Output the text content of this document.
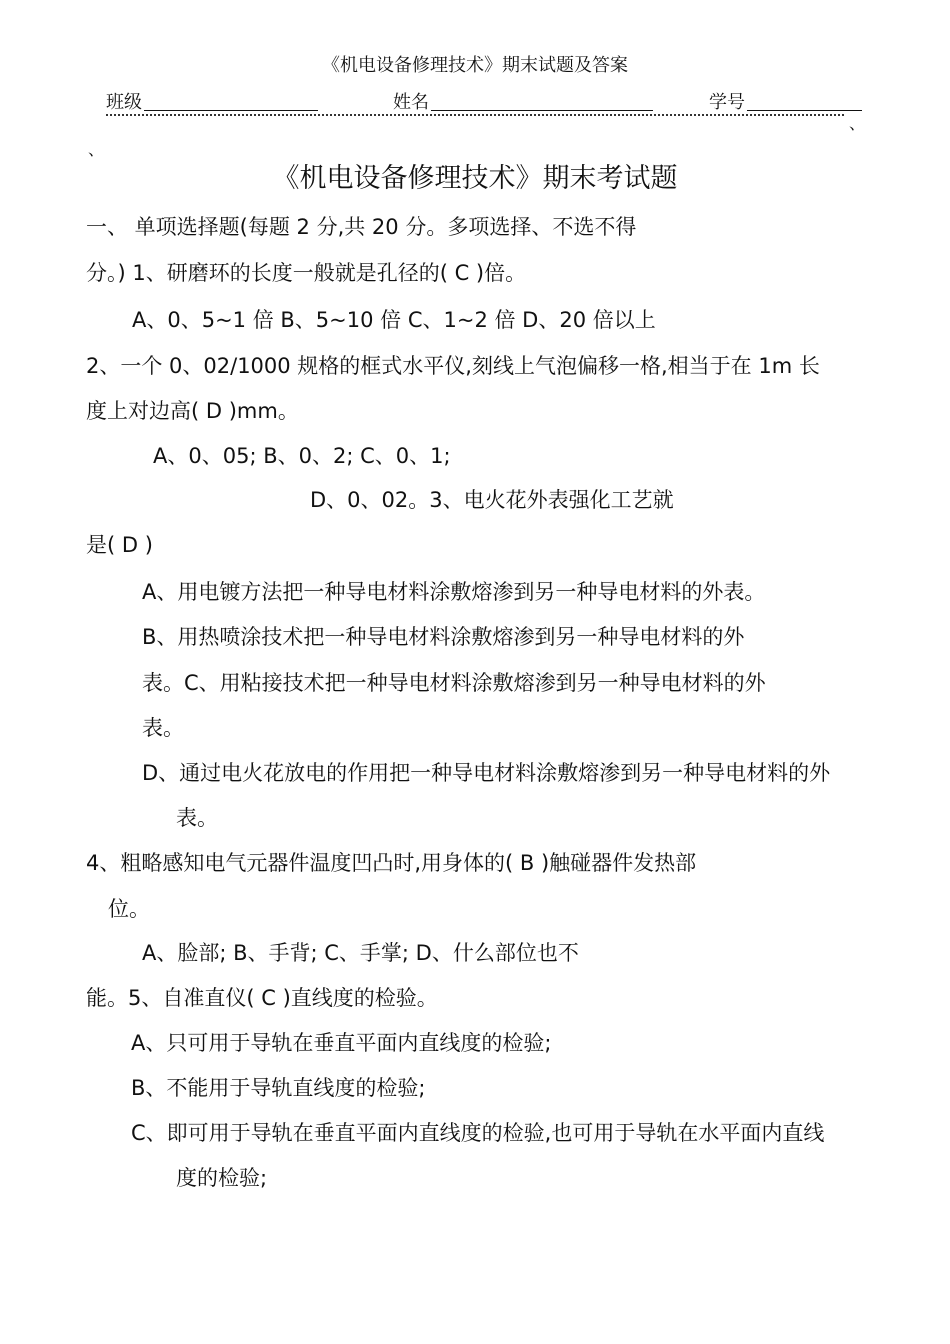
《机电设备修理技术》期末试题及答案
班级	姓名	学号
、
、
《机电设备修理技术》期末考试题
一、 单项选择题(每题 2 分,共 20 分。多项选择、不选不得
分。) 1、研磨环的长度一般就是孔径的( C )倍。
A、0、5~1 倍 B、5~10 倍 C、1~2 倍 D、20 倍以上
2、一个 0、02/1000 规格的框式水平仪,刻线上气泡偏移一格,相当于在 1m 长
度上对边高( D )mm。
A、0、05; B、0、2; C、0、1;
D、0、02。3、电火花外表强化工艺就
是( D )
A、用电镀方法把一种导电材料涂敷熔渗到另一种导电材料的外表。
B、用热喷涂技术把一种导电材料涂敷熔渗到另一种导电材料的外
表。C、用粘接技术把一种导电材料涂敷熔渗到另一种导电材料的外
表。
D、通过电火花放电的作用把一种导电材料涂敷熔渗到另一种导电材料的外
表。
4、粗略感知电气元器件温度凹凸时,用身体的( B )触碰器件发热部
位。
A、脸部; B、手背; C、手掌; D、什么部位也不
能。5、自准直仪( C )直线度的检验。
A、只可用于导轨在垂直平面内直线度的检验;
B、不能用于导轨直线度的检验;
C、即可用于导轨在垂直平面内直线度的检验,也可用于导轨在水平面内直线
度的检验;
